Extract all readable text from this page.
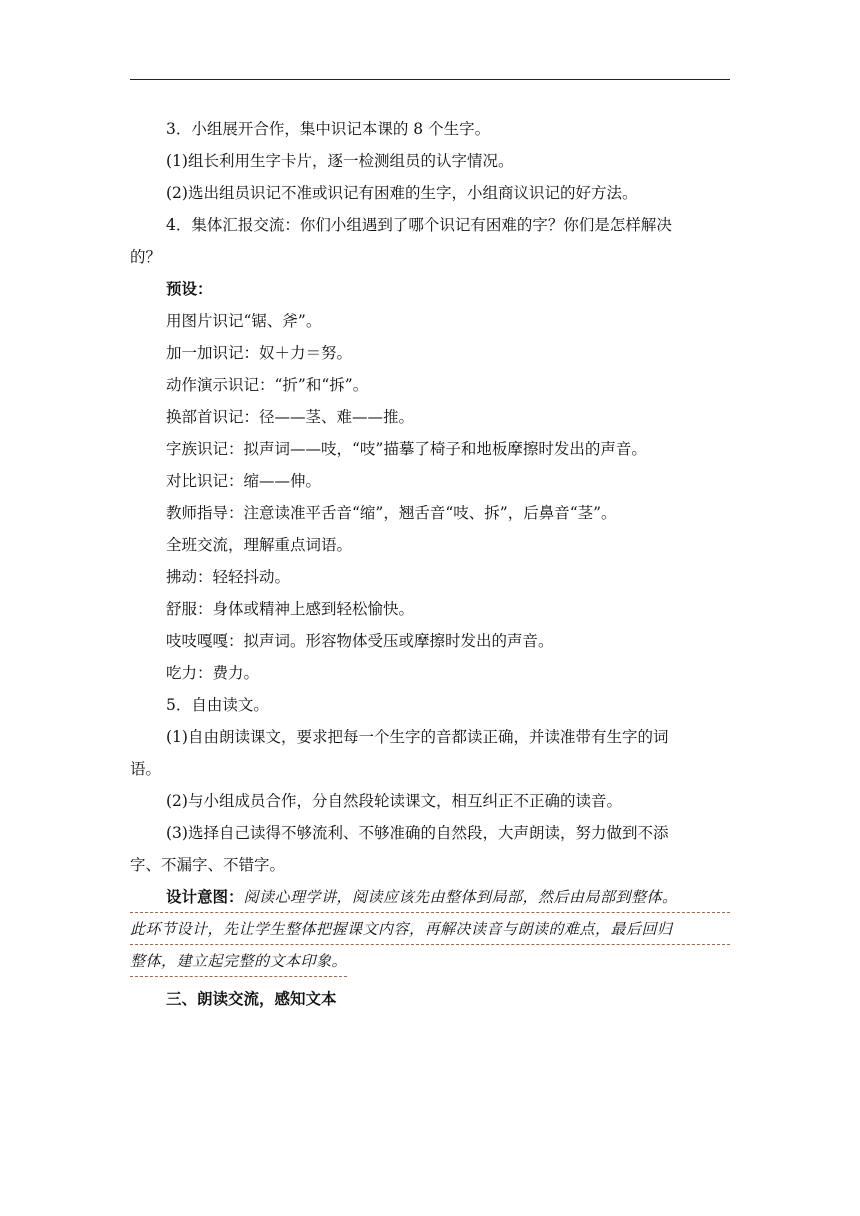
3．小组展开合作，集中识记本课的 8 个生字。

(1)组长利用生字卡片，逐一检测组员的认字情况。

(2)选出组员识记不准或识记有困难的生字，小组商议识记的好方法。

4．集体汇报交流：你们小组遇到了哪个识记有困难的字？你们是怎样解决

的？

预设：

用图片识记“锯、斧”。

加一加识记：奴＋力＝努。

动作演示识记：“折”和“拆”。

换部首识记：径——茎、难——推。

字族识记：拟声词——吱，“吱”描摹了椅子和地板摩擦时发出的声音。

对比识记：缩——伸。

教师指导：注意读准平舌音“缩”，翘舌音“吱、拆”，后鼻音“茎”。

全班交流，理解重点词语。

拂动：轻轻抖动。

舒服：身体或精神上感到轻松愉快。

吱吱嘎嘎：拟声词。形容物体受压或摩擦时发出的声音。

吃力：费力。

5．自由读文。

(1)自由朗读课文，要求把每一个生字的音都读正确，并读准带有生字的词

语。

(2)与小组成员合作，分自然段轮读课文，相互纠正不正确的读音。

(3)选择自己读得不够流利、不够准确的自然段，大声朗读，努力做到不添

字、不漏字、不错字。

设计意图：阅读心理学讲，阅读应该先由整体到局部，然后由局部到整体。

此环节设计，先让学生整体把握课文内容，再解决读音与朗读的难点，最后回归

整体，建立起完整的文本印象。

三、朗读交流，感知文本
